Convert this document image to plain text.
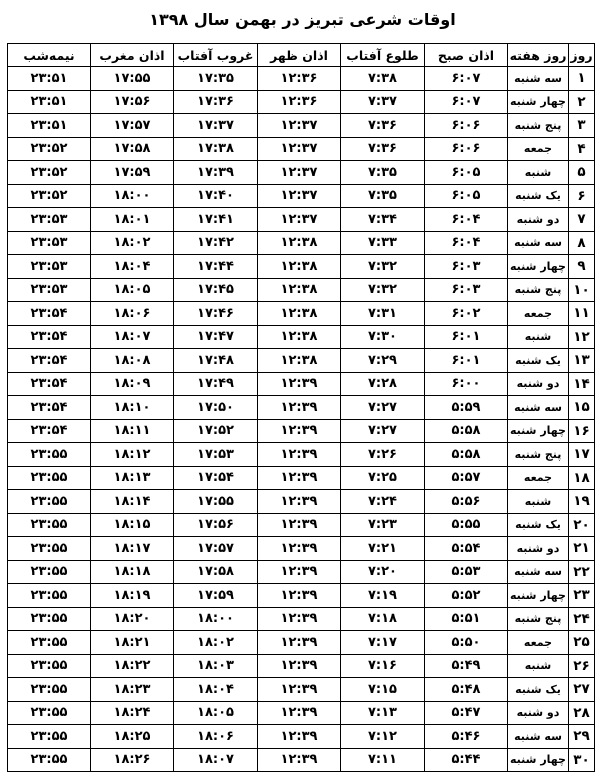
اوقات شرعی تبریز در بهمن سال ۱۳۹۸
روز	روز هفته	اذان صبح	طلوع آفتاب	اذان ظهر	غروب آفتاب	اذان مغرب	نیمه‌شب
۱	سه شنبه	۶:۰۷	۷:۳۸	۱۲:۳۶	۱۷:۳۵	۱۷:۵۵	۲۳:۵۱
۲	چهار شنبه	۶:۰۷	۷:۳۷	۱۲:۳۶	۱۷:۳۶	۱۷:۵۶	۲۳:۵۱
۳	پنج شنبه	۶:۰۶	۷:۳۶	۱۲:۳۷	۱۷:۳۷	۱۷:۵۷	۲۳:۵۱
۴	جمعه	۶:۰۶	۷:۳۶	۱۲:۳۷	۱۷:۳۸	۱۷:۵۸	۲۳:۵۲
۵	شنبه	۶:۰۵	۷:۳۵	۱۲:۳۷	۱۷:۳۹	۱۷:۵۹	۲۳:۵۲
۶	یک شنبه	۶:۰۵	۷:۳۵	۱۲:۳۷	۱۷:۴۰	۱۸:۰۰	۲۳:۵۲
۷	دو شنبه	۶:۰۴	۷:۳۴	۱۲:۳۷	۱۷:۴۱	۱۸:۰۱	۲۳:۵۳
۸	سه شنبه	۶:۰۴	۷:۳۳	۱۲:۳۸	۱۷:۴۲	۱۸:۰۲	۲۳:۵۳
۹	چهار شنبه	۶:۰۳	۷:۳۲	۱۲:۳۸	۱۷:۴۴	۱۸:۰۴	۲۳:۵۳
۱۰	پنج شنبه	۶:۰۳	۷:۳۲	۱۲:۳۸	۱۷:۴۵	۱۸:۰۵	۲۳:۵۳
۱۱	جمعه	۶:۰۲	۷:۳۱	۱۲:۳۸	۱۷:۴۶	۱۸:۰۶	۲۳:۵۴
۱۲	شنبه	۶:۰۱	۷:۳۰	۱۲:۳۸	۱۷:۴۷	۱۸:۰۷	۲۳:۵۴
۱۳	یک شنبه	۶:۰۱	۷:۲۹	۱۲:۳۸	۱۷:۴۸	۱۸:۰۸	۲۳:۵۴
۱۴	دو شنبه	۶:۰۰	۷:۲۸	۱۲:۳۹	۱۷:۴۹	۱۸:۰۹	۲۳:۵۴
۱۵	سه شنبه	۵:۵۹	۷:۲۷	۱۲:۳۹	۱۷:۵۰	۱۸:۱۰	۲۳:۵۴
۱۶	چهار شنبه	۵:۵۸	۷:۲۷	۱۲:۳۹	۱۷:۵۲	۱۸:۱۱	۲۳:۵۴
۱۷	پنج شنبه	۵:۵۸	۷:۲۶	۱۲:۳۹	۱۷:۵۳	۱۸:۱۲	۲۳:۵۵
۱۸	جمعه	۵:۵۷	۷:۲۵	۱۲:۳۹	۱۷:۵۴	۱۸:۱۳	۲۳:۵۵
۱۹	شنبه	۵:۵۶	۷:۲۴	۱۲:۳۹	۱۷:۵۵	۱۸:۱۴	۲۳:۵۵
۲۰	یک شنبه	۵:۵۵	۷:۲۳	۱۲:۳۹	۱۷:۵۶	۱۸:۱۵	۲۳:۵۵
۲۱	دو شنبه	۵:۵۴	۷:۲۱	۱۲:۳۹	۱۷:۵۷	۱۸:۱۷	۲۳:۵۵
۲۲	سه شنبه	۵:۵۳	۷:۲۰	۱۲:۳۹	۱۷:۵۸	۱۸:۱۸	۲۳:۵۵
۲۳	چهار شنبه	۵:۵۲	۷:۱۹	۱۲:۳۹	۱۷:۵۹	۱۸:۱۹	۲۳:۵۵
۲۴	پنج شنبه	۵:۵۱	۷:۱۸	۱۲:۳۹	۱۸:۰۰	۱۸:۲۰	۲۳:۵۵
۲۵	جمعه	۵:۵۰	۷:۱۷	۱۲:۳۹	۱۸:۰۲	۱۸:۲۱	۲۳:۵۵
۲۶	شنبه	۵:۴۹	۷:۱۶	۱۲:۳۹	۱۸:۰۳	۱۸:۲۲	۲۳:۵۵
۲۷	یک شنبه	۵:۴۸	۷:۱۵	۱۲:۳۹	۱۸:۰۴	۱۸:۲۳	۲۳:۵۵
۲۸	دو شنبه	۵:۴۷	۷:۱۳	۱۲:۳۹	۱۸:۰۵	۱۸:۲۴	۲۳:۵۵
۲۹	سه شنبه	۵:۴۶	۷:۱۲	۱۲:۳۹	۱۸:۰۶	۱۸:۲۵	۲۳:۵۵
۳۰	چهار شنبه	۵:۴۴	۷:۱۱	۱۲:۳۹	۱۸:۰۷	۱۸:۲۶	۲۳:۵۵
